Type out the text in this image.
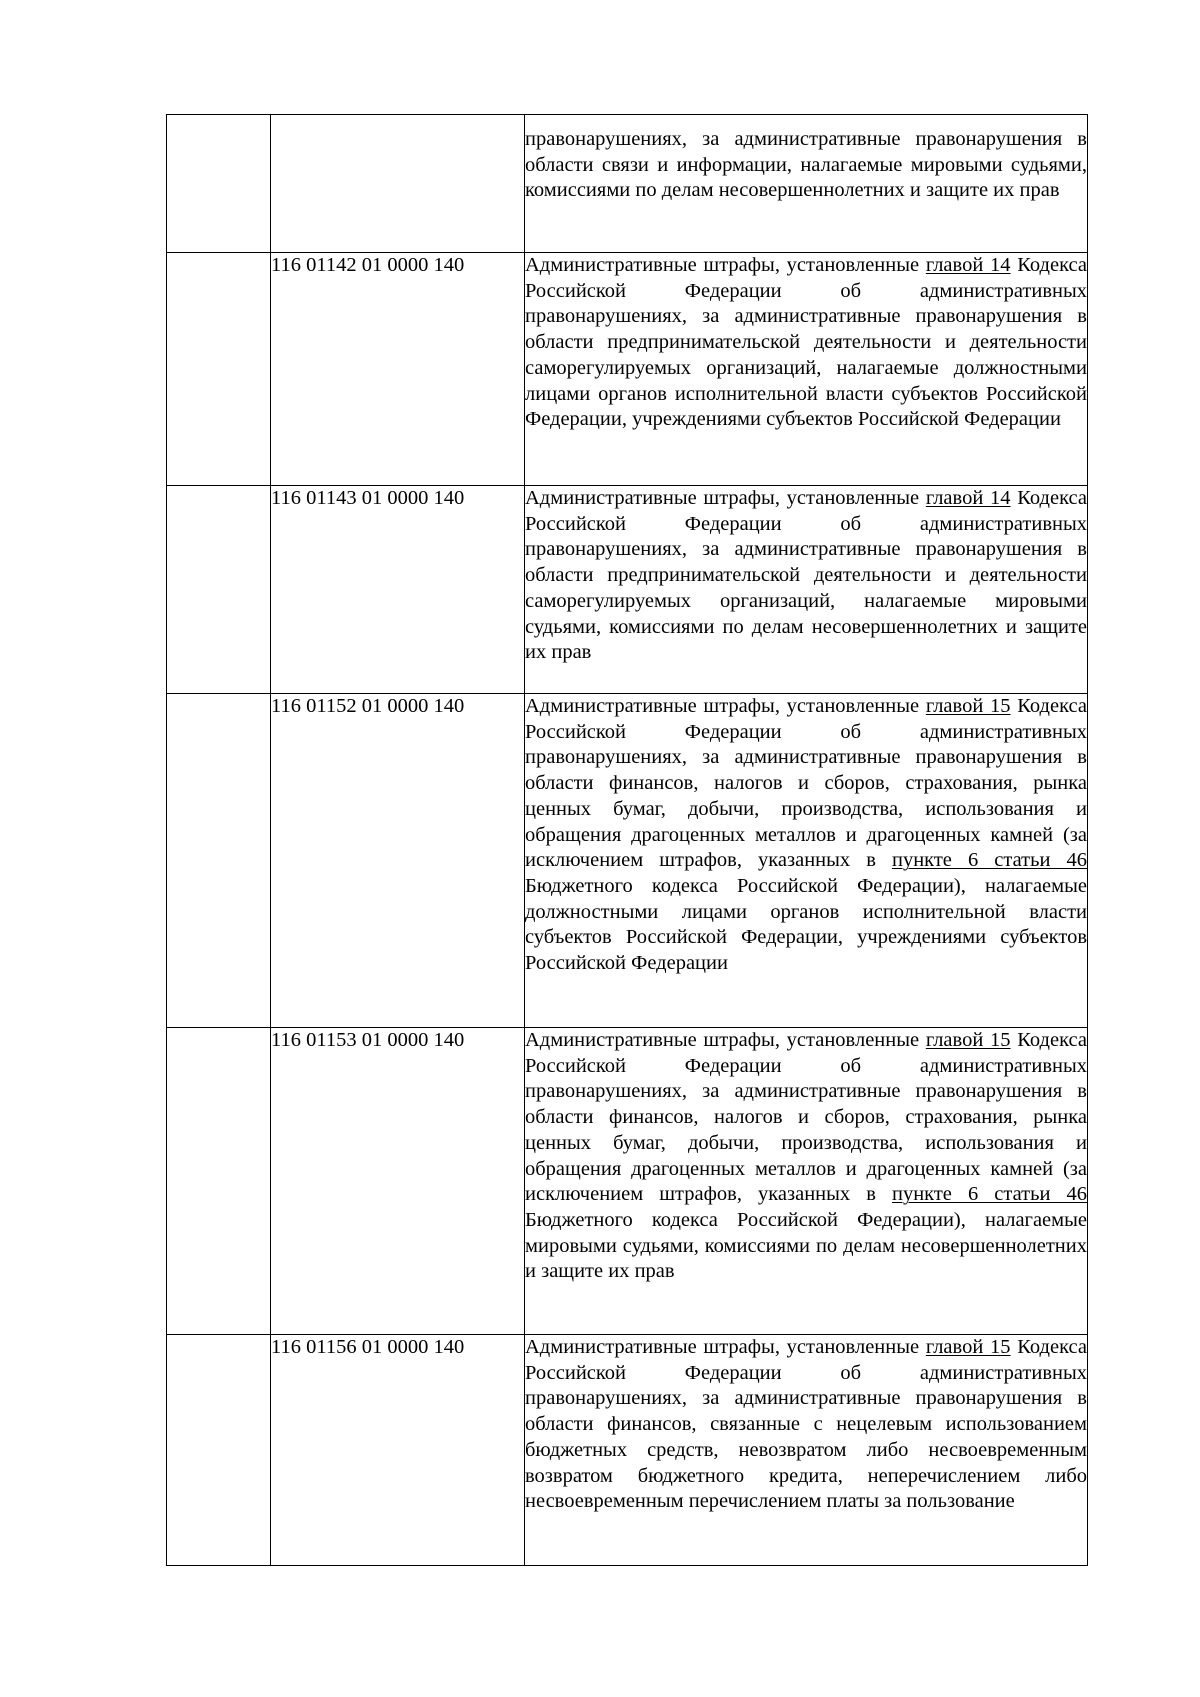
		правонарушениях, за административные правонарушения в области связи и информации, налагаемые мировыми судьями, комиссиями по делам несовершеннолетних и защите их прав
	116 01142 01 0000 140	Административные штрафы, установленные главой 14 Кодекса Российской Федерации об административных правонарушениях, за административные правонарушения в области предпринимательской деятельности и деятельности саморегулируемых организаций, налагаемые должностными лицами органов исполнительной власти субъектов Российской Федерации, учреждениями субъектов Российской Федерации
	116 01143 01 0000 140	Административные штрафы, установленные главой 14 Кодекса Российской Федерации об административных правонарушениях, за административные правонарушения в области предпринимательской деятельности и деятельности саморегулируемых организаций, налагаемые мировыми судьями, комиссиями по делам несовершеннолетних и защите их прав
	116 01152 01 0000 140	Административные штрафы, установленные главой 15 Кодекса Российской Федерации об административных правонарушениях, за административные правонарушения в области финансов, налогов и сборов, страхования, рынка ценных бумаг, добычи, производства, использования и обращения драгоценных металлов и драгоценных камней (за исключением штрафов, указанных в пункте 6 статьи 46 Бюджетного кодекса Российской Федерации), налагаемые должностными лицами органов исполнительной власти субъектов Российской Федерации, учреждениями субъектов Российской Федерации
	116 01153 01 0000 140	Административные штрафы, установленные главой 15 Кодекса Российской Федерации об административных правонарушениях, за административные правонарушения в области финансов, налогов и сборов, страхования, рынка ценных бумаг, добычи, производства, использования и обращения драгоценных металлов и драгоценных камней (за исключением штрафов, указанных в пункте 6 статьи 46 Бюджетного кодекса Российской Федерации), налагаемые мировыми судьями, комиссиями по делам несовершеннолетних и защите их прав
	116 01156 01 0000 140	Административные штрафы, установленные главой 15 Кодекса Российской Федерации об административных правонарушениях, за административные правонарушения в области финансов, связанные с нецелевым использованием бюджетных средств, невозвратом либо несвоевременным возвратом бюджетного кредита, неперечислением либо несвоевременным перечислением платы за пользование
